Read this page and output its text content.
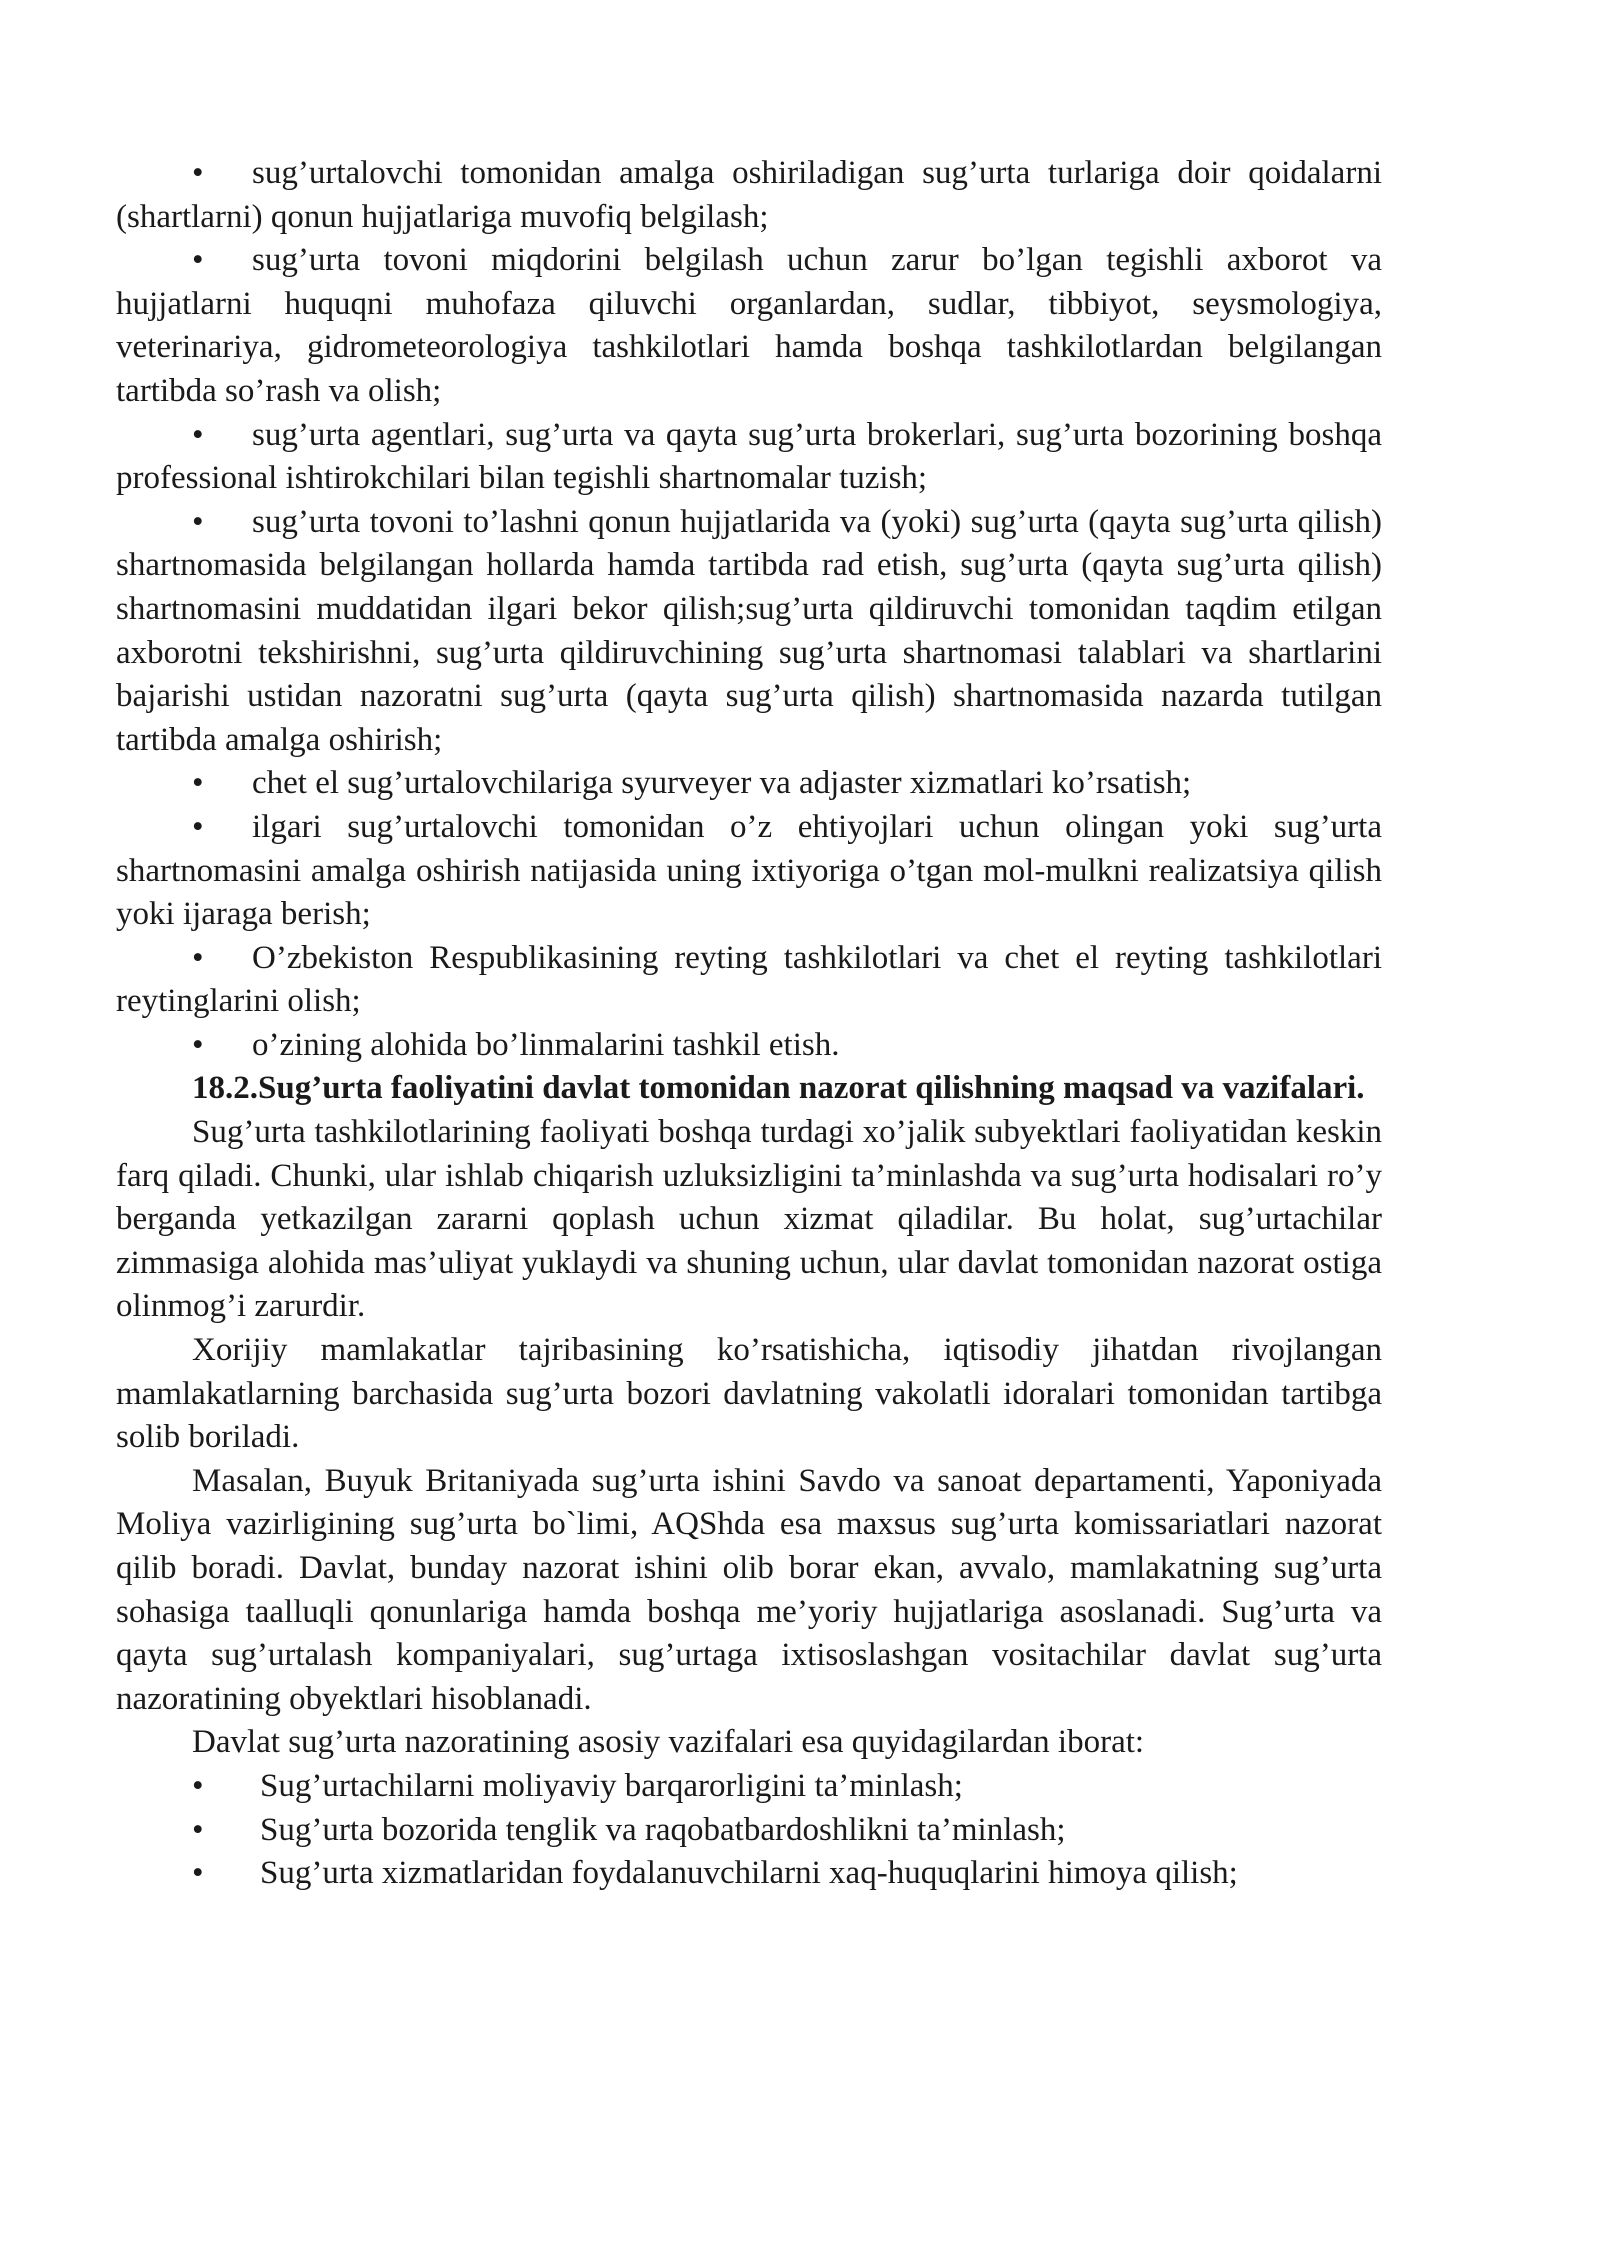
• sug’urtalovchi tomonidan amalga oshiriladigan sug’urta turlariga doir qoidalarni (shartlarni) qonun hujjatlariga muvofiq belgilash;

• sug’urta tovoni miqdorini belgilash uchun zarur bo’lgan tegishli axborot va hujjatlarni huquqni muhofaza qiluvchi organlardan, sudlar, tibbiyot, seysmologiya, veterinariya, gidrometeorologiya tashkilotlari hamda boshqa tashkilotlardan belgilangan tartibda so’rash va olish;

• sug’urta agentlari, sug’urta va qayta sug’urta brokerlari, sug’urta bozorining boshqa professional ishtirokchilari bilan tegishli shartnomalar tuzish;

• sug’urta tovoni to’lashni qonun hujjatlarida va (yoki) sug’urta (qayta sug’urta qilish) shartnomasida belgilangan hollarda hamda tartibda rad etish, sug’urta (qayta sug’urta qilish) shartnomasini muddatidan ilgari bekor qilish;sug’urta qildiruvchi tomonidan taqdim etilgan axborotni tekshirishni, sug’urta qildiruvchining sug’urta shartnomasi talablari va shartlarini bajarishi ustidan nazoratni sug’urta (qayta sug’urta qilish) shartnomasida nazarda tutilgan tartibda amalga oshirish;

• chet el sug’urtalovchilariga syurveyer va adjaster xizmatlari ko’rsatish;

• ilgari sug’urtalovchi tomonidan o’z ehtiyojlari uchun olingan yoki sug’urta shartnomasini amalga oshirish natijasida uning ixtiyoriga o’tgan mol-mulkni realizatsiya qilish yoki ijaraga berish;

• O’zbekiston Respublikasining reyting tashkilotlari va chet el reyting tashkilotlari reytinglarini olish;

• o’zining alohida bo’linmalarini tashkil etish.

18.2.Sug’urta faoliyatini davlat tomonidan nazorat qilishning maqsad va vazifalari.

Sug’urta tashkilotlarining faoliyati boshqa turdagi xo’jalik subyektlari faoliyatidan keskin farq qiladi. Chunki, ular ishlab chiqarish uzluksizligini ta’minlashda va sug’urta hodisalari ro’y berganda yetkazilgan zararni qoplash uchun xizmat qiladilar. Bu holat, sug’urtachilar zimmasiga alohida mas’uliyat yuklaydi va shuning uchun, ular davlat tomonidan nazorat ostiga olinmog’i zarurdir.

Xorijiy mamlakatlar tajribasining ko’rsatishicha, iqtisodiy jihatdan rivojlangan mamlakatlarning barchasida sug’urta bozori davlatning vakolatli idoralari tomonidan tartibga solib boriladi.

Masalan, Buyuk Britaniyada sug’urta ishini Savdo va sanoat departamenti, Yaponiyada Moliya vazirligining sug’urta bo`limi, AQShda esa maxsus sug’urta komissariatlari nazorat qilib boradi. Davlat, bunday nazorat ishini olib borar ekan, avvalo, mamlakatning sug’urta sohasiga taalluqli qonunlariga hamda boshqa me’yoriy hujjatlariga asoslanadi. Sug’urta va qayta sug’urtalash kompaniyalari, sug’urtaga ixtisoslashgan vositachilar davlat sug’urta nazoratining obyektlari hisoblanadi.

Davlat sug’urta nazoratining asosiy vazifalari esa quyidagilardan iborat:

• Sug’urtachilarni moliyaviy barqarorligini ta’minlash;

• Sug’urta bozorida tenglik va raqobatbardoshlikni ta’minlash;

• Sug’urta xizmatlaridan foydalanuvchilarni xaq-huquqlarini himoya qilish;
